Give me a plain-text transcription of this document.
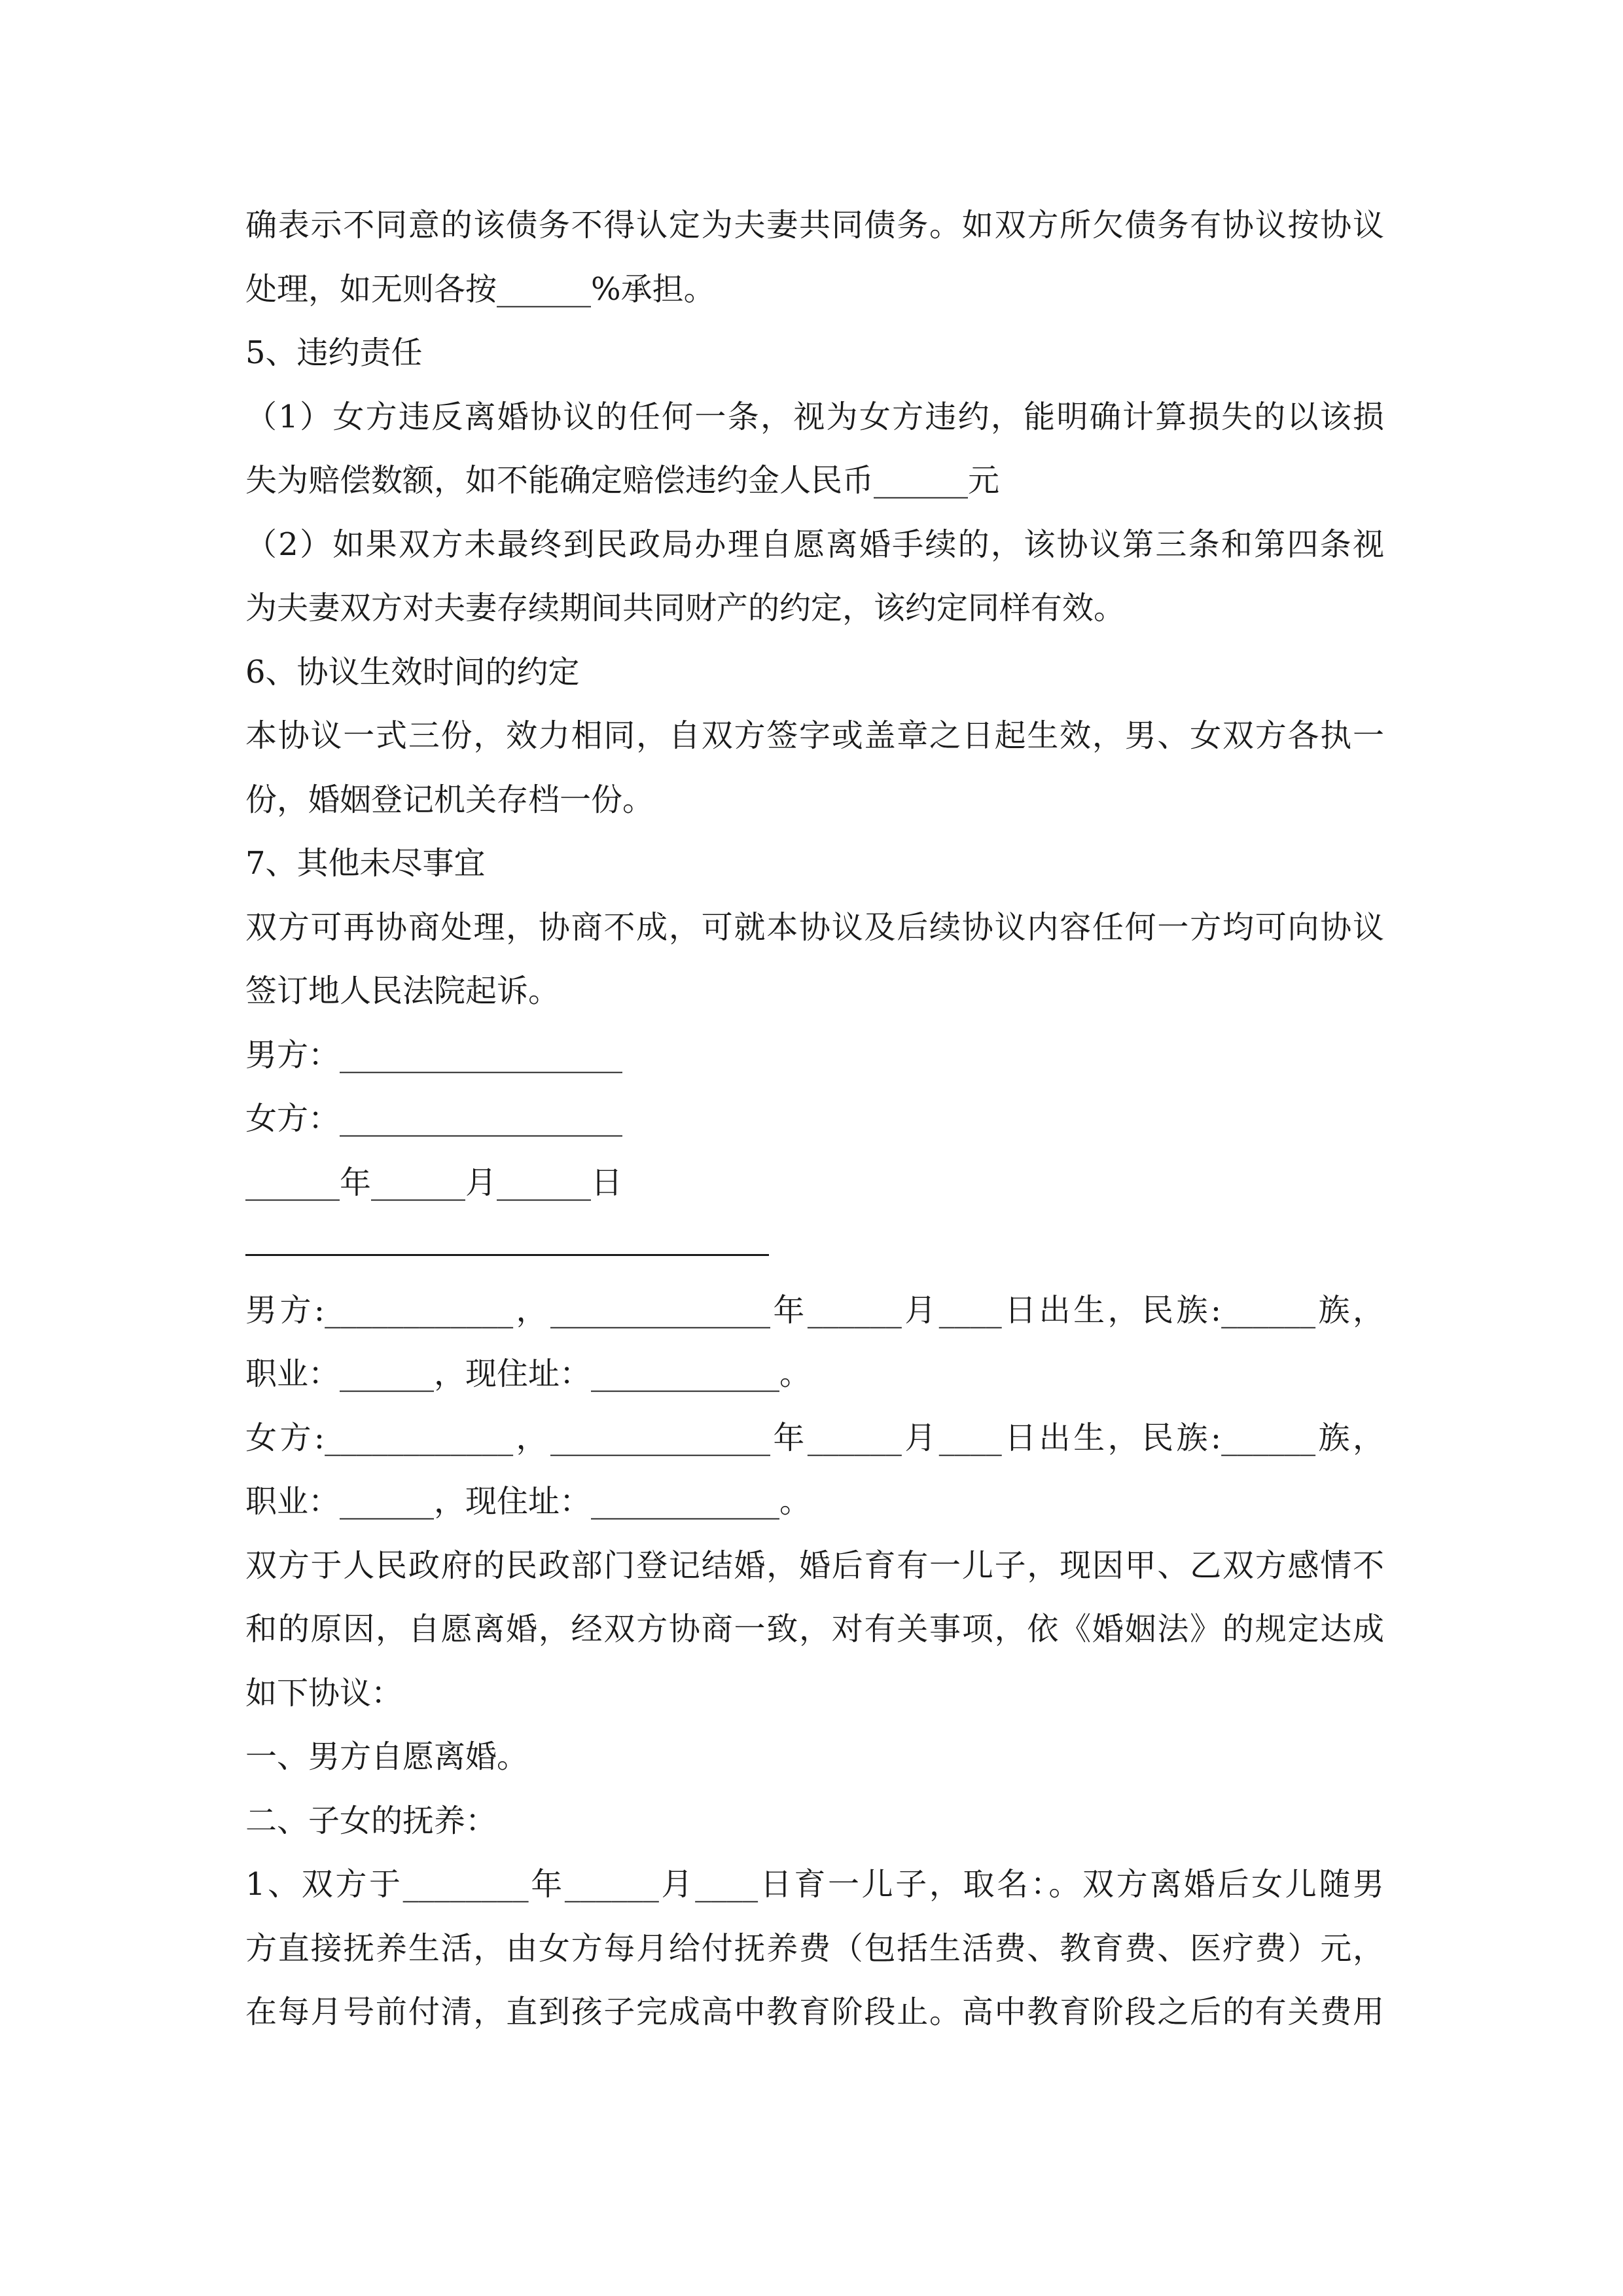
确表示不同意的该债务不得认定为夫妻共同债务。如双方所欠债务有协议按协议
处理，如无则各按______%承担。
5、违约责任
（1）女方违反离婚协议的任何一条，视为女方违约，能明确计算损失的以该损
失为赔偿数额，如不能确定赔偿违约金人民币______元
（2）如果双方未最终到民政局办理自愿离婚手续的，该协议第三条和第四条视
为夫妻双方对夫妻存续期间共同财产的约定，该约定同样有效。
6、协议生效时间的约定
本协议一式三份，效力相同，自双方签字或盖章之日起生效，男、女双方各执一
份，婚姻登记机关存档一份。
7、其他未尽事宜
双方可再协商处理，协商不成，可就本协议及后续协议内容任何一方均可向协议
签订地人民法院起诉。
男方：__________________
女方：__________________
______年______月______日
男方:____________，______________年______月____日出生，民族:______族，
职业：______，现住址：____________。
女方:____________，______________年______月____日出生，民族:______族，
职业：______，现住址：____________。
双方于人民政府的民政部门登记结婚，婚后育有一儿子，现因甲、乙双方感情不
和的原因，自愿离婚，经双方协商一致，对有关事项，依《婚姻法》的规定达成
如下协议：
一、男方自愿离婚。
二、子女的抚养：
1、双方于________年______月____日育一儿子，取名：。双方离婚后女儿随男
方直接抚养生活，由女方每月给付抚养费（包括生活费、教育费、医疗费）元，
在每月号前付清，直到孩子完成高中教育阶段止。高中教育阶段之后的有关费用
